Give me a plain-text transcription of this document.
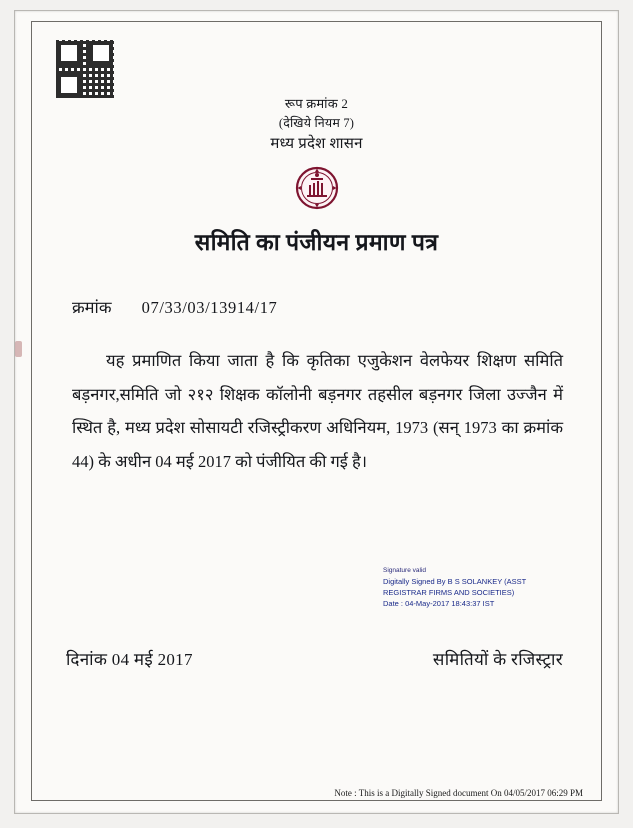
रूप क्रमांक 2
(देखिये नियम 7)
मध्य प्रदेश शासन
समिति का पंजीयन प्रमाण पत्र
क्रमांक 07/33/03/13914/17
यह प्रमाणित किया जाता है कि कृतिका एजुकेशन वेलफेयर शिक्षण समिति बड़नगर,समिति जो २१२ शिक्षक कॉलोनी बड़नगर तहसील बड़नगर जिला उज्जैन में स्थित है, मध्य प्रदेश सोसायटी रजिस्ट्रीकरण अधिनियम, 1973 (सन् 1973 का क्रमांक 44) के अधीन 04 मई 2017 को पंजीयित की गई है।
Signature valid
Digitally Signed By B S SOLANKEY (ASST
REGISTRAR FIRMS AND SOCIETIES)
Date : 04-May-2017 18:43:37 IST
दिनांक 04 मई 2017	समितियों के रजिस्ट्रार
Note : This is a Digitally Signed document On 04/05/2017 06:29 PM
